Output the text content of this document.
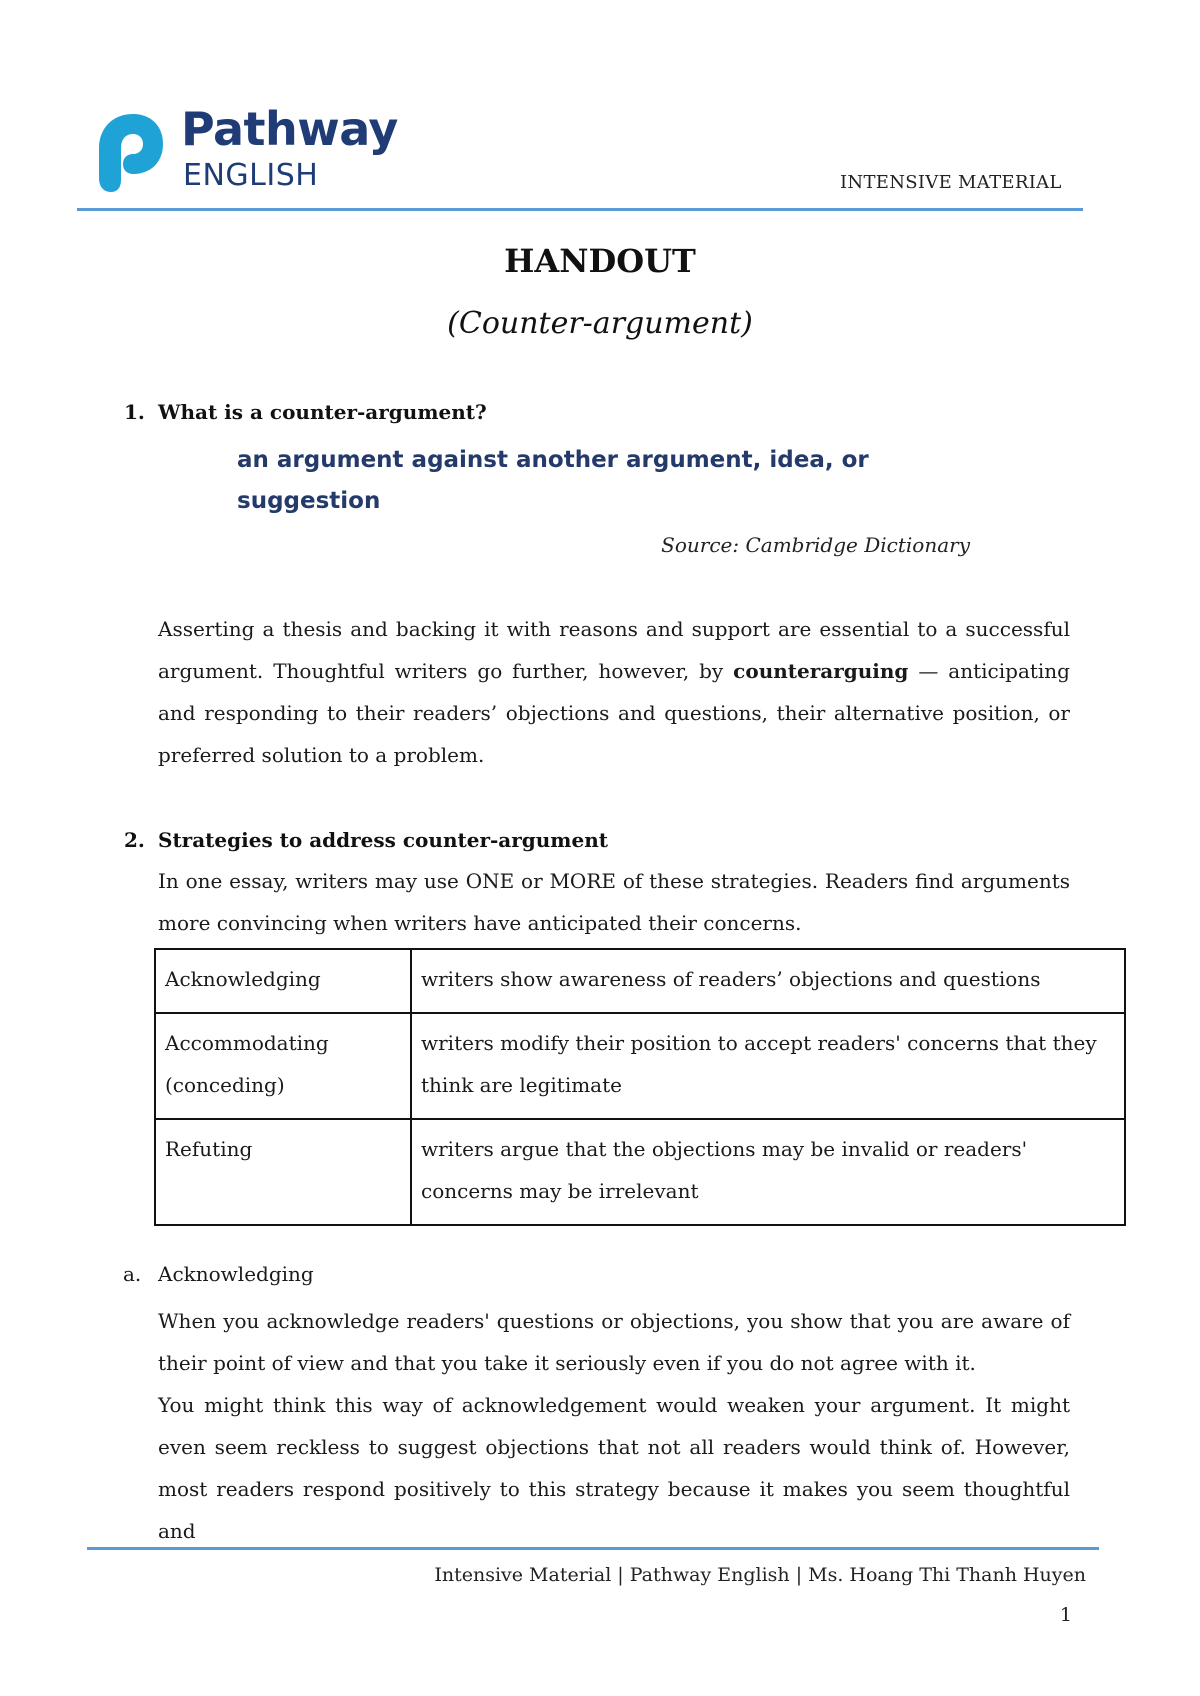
Pathway
ENGLISH	INTENSIVE MATERIAL
HANDOUT
(Counter-argument)
1. What is a counter-argument?
an argument against another argument, idea, or suggestion
Source: Cambridge Dictionary
Asserting a thesis and backing it with reasons and support are essential to a successful argument. Thoughtful writers go further, however, by counterarguing — anticipating and responding to their readers’ objections and questions, their alternative position, or preferred solution to a problem.
2. Strategies to address counter-argument
In one essay, writers may use ONE or MORE of these strategies. Readers find arguments more convincing when writers have anticipated their concerns.
Acknowledging	writers show awareness of readers’ objections and questions
Accommodating (conceding)	writers modify their position to accept readers' concerns that they think are legitimate
Refuting	writers argue that the objections may be invalid or readers' concerns may be irrelevant
a. Acknowledging
When you acknowledge readers' questions or objections, you show that you are aware of their point of view and that you take it seriously even if you do not agree with it.
You might think this way of acknowledgement would weaken your argument. It might even seem reckless to suggest objections that not all readers would think of. However, most readers respond positively to this strategy because it makes you seem thoughtful and
Intensive Material | Pathway English | Ms. Hoang Thi Thanh Huyen
1
